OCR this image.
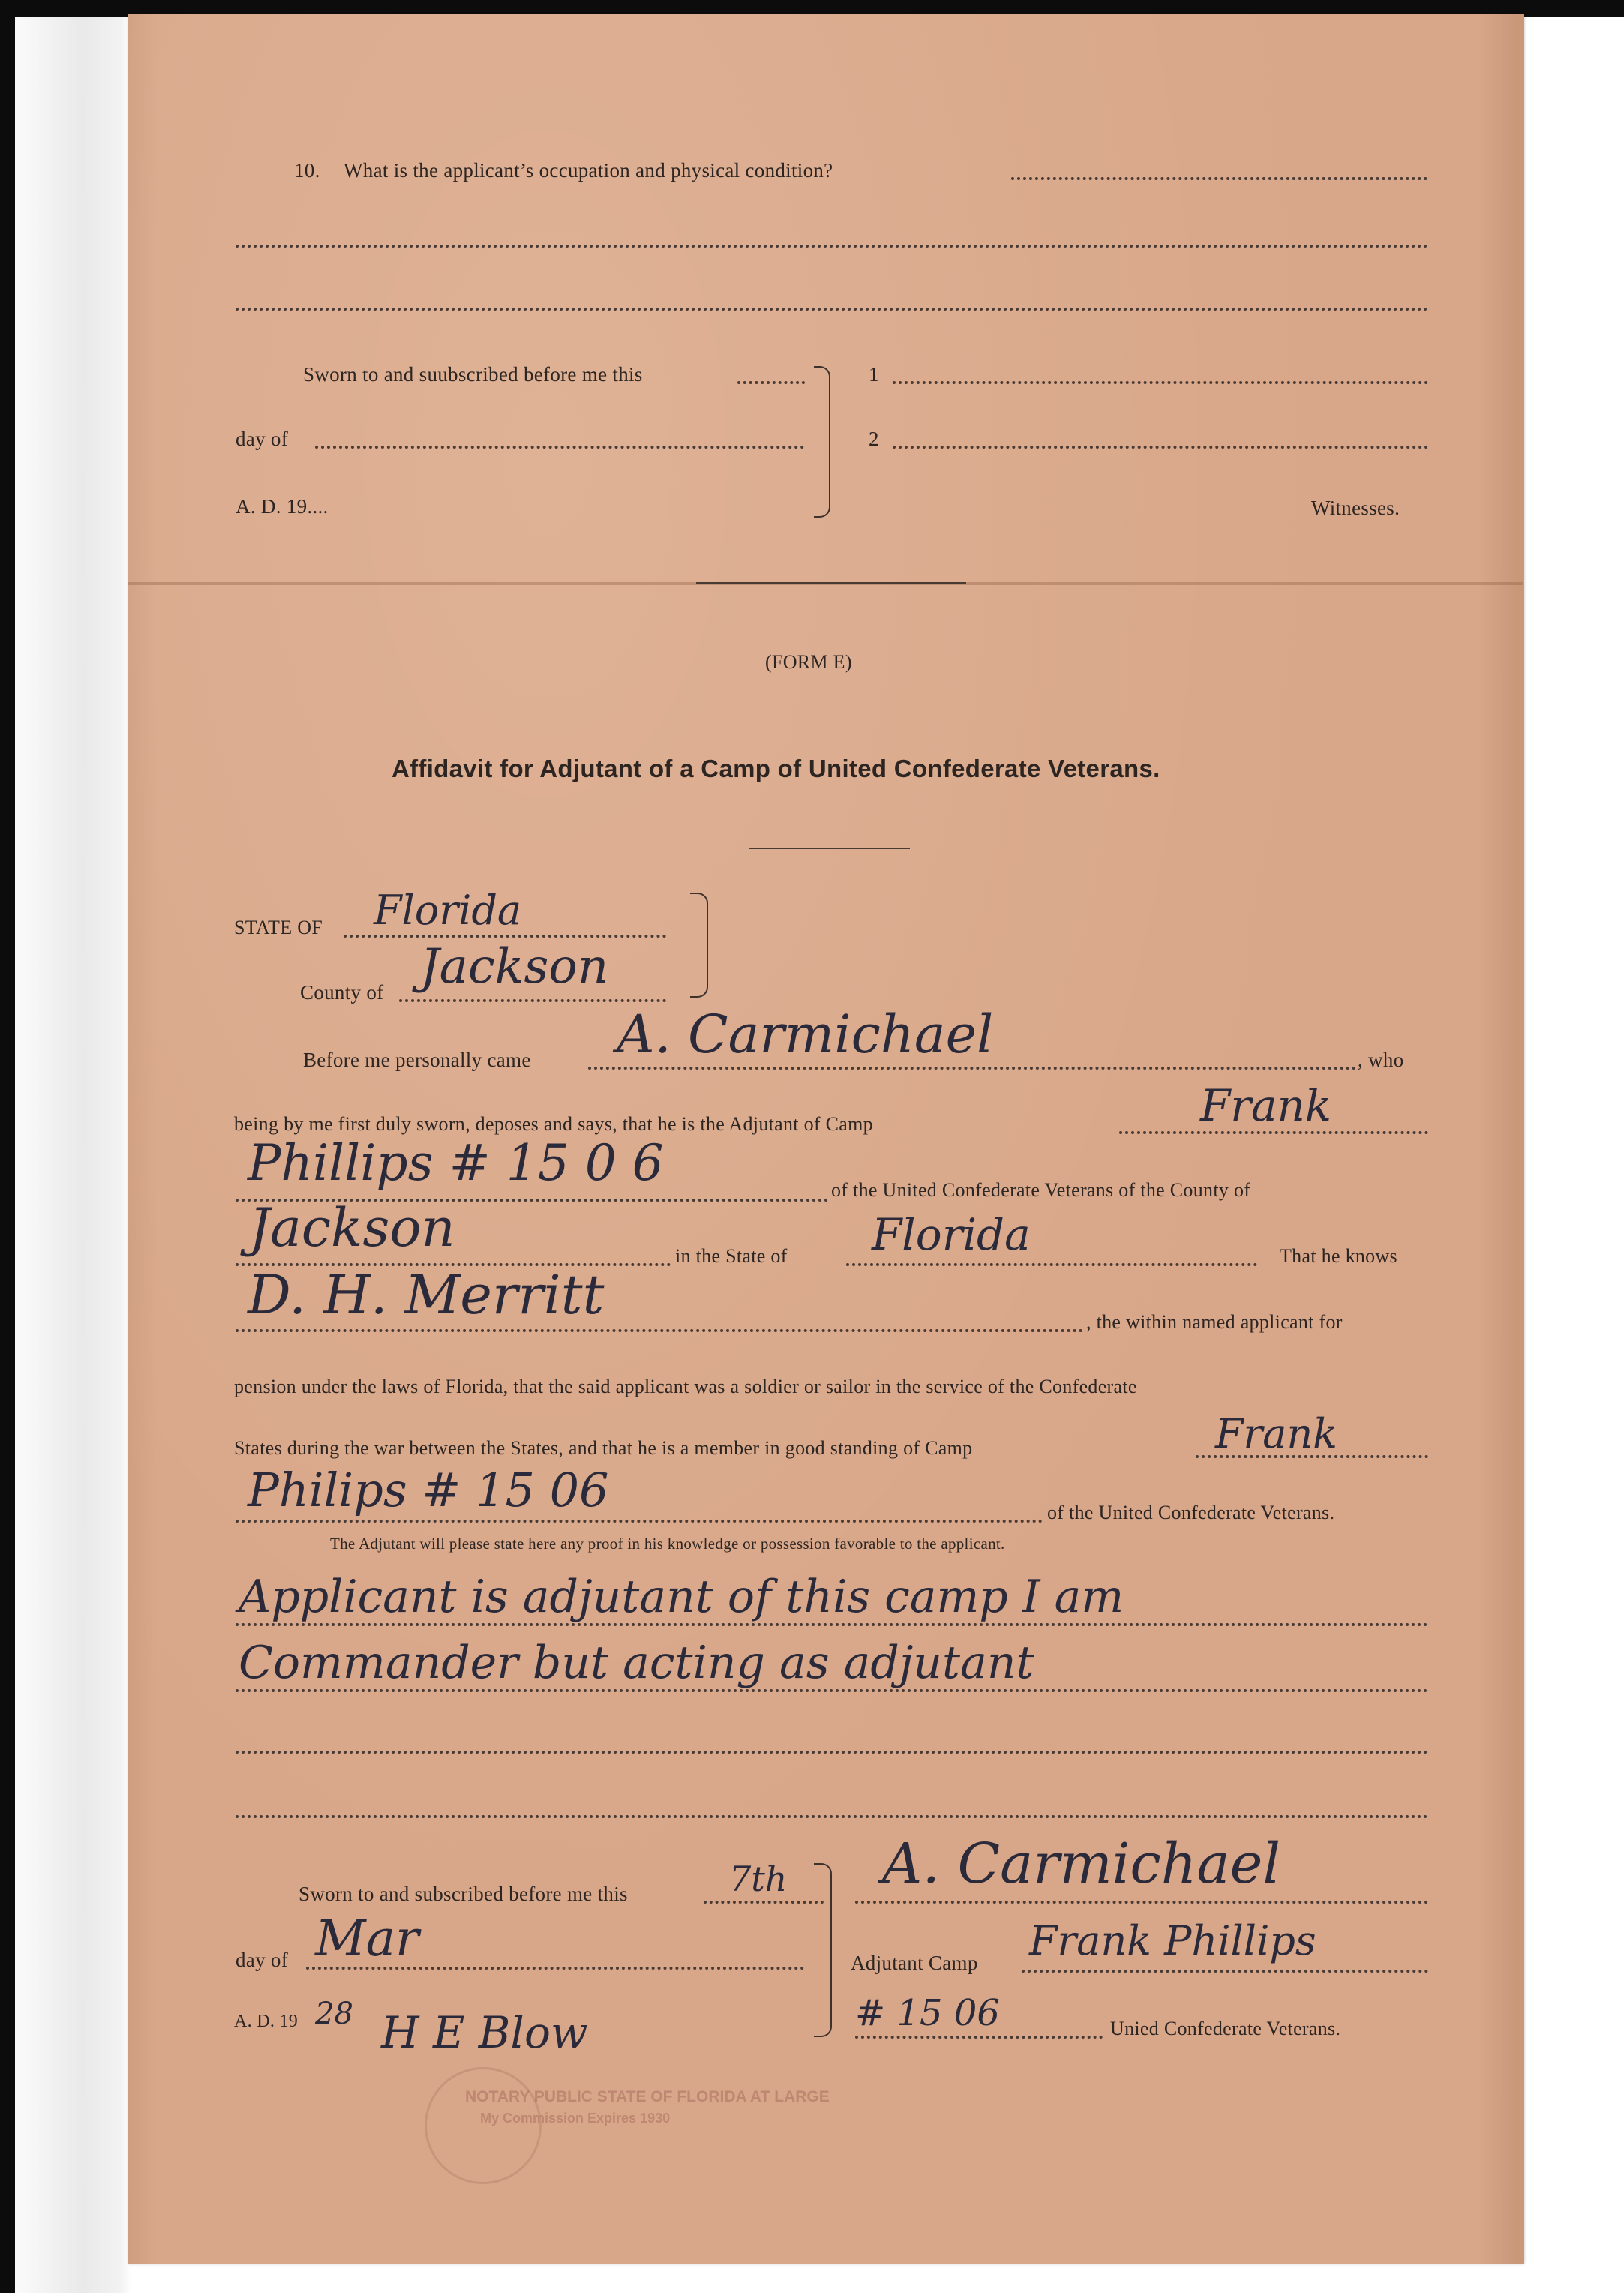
10. What is the applicant’s occupation and physical condition?
Sworn to and suubscribed before me this
day of
A. D. 19....
1
2
Witnesses.
(FORM E)
Affidavit for Adjutant of a Camp of United Confederate Veterans.
STATE OF Florida
County of Jackson
Before me personally came A. Carmichael	, who
being by me first duly sworn, deposes and says, that he is the Adjutant of Camp	Frank
Phillips # 15 0 6	of the United Confederate Veterans of the County of
Jackson	in the State of Florida	That he knows
D. H. Merritt	, the within named applicant for
pension under the laws of Florida, that the said applicant was a soldier or sailor in the service of the Confederate
States during the war between the States, and that he is a member in good standing of Camp	Frank
Philips # 15 06	of the United Confederate Veterans.
The Adjutant will please state here any proof in his knowledge or possession favorable to the applicant.
Applicant is adjutant of this camp I am
Commander but acting as adjutant
Sworn to and subscribed before me this	7th
day of Mar
A. D. 19 28 H E Blow
A. Carmichael
Adjutant Camp Frank Phillips
# 15 06	Unied Confederate Veterans.
NOTARY PUBLIC STATE OF FLORIDA AT LARGE
My Commission Expires 1930
